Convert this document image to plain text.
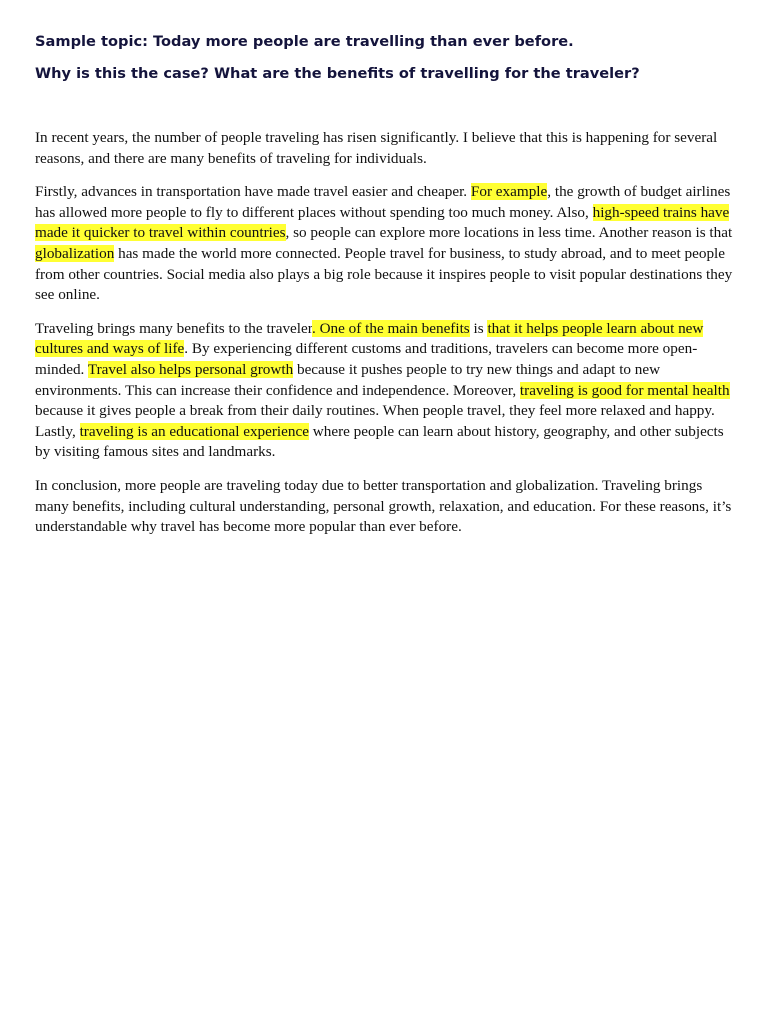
Sample topic: Today more people are travelling than ever before.
Why is this the case? What are the benefits of travelling for the traveler?

In recent years, the number of people traveling has risen significantly. I believe that this is happening for several reasons, and there are many benefits of traveling for individuals.

Firstly, advances in transportation have made travel easier and cheaper. For example, the growth of budget airlines has allowed more people to fly to different places without spending too much money. Also, high-speed trains have made it quicker to travel within countries, so people can explore more locations in less time. Another reason is that globalization has made the world more connected. People travel for business, to study abroad, and to meet people from other countries. Social media also plays a big role because it inspires people to visit popular destinations they see online.

Traveling brings many benefits to the traveler. One of the main benefits is that it helps people learn about new cultures and ways of life. By experiencing different customs and traditions, travelers can become more open-minded. Travel also helps personal growth because it pushes people to try new things and adapt to new environments. This can increase their confidence and independence. Moreover, traveling is good for mental health because it gives people a break from their daily routines. When people travel, they feel more relaxed and happy. Lastly, traveling is an educational experience where people can learn about history, geography, and other subjects by visiting famous sites and landmarks.

In conclusion, more people are traveling today due to better transportation and globalization. Traveling brings many benefits, including cultural understanding, personal growth, relaxation, and education. For these reasons, it’s understandable why travel has become more popular than ever before.
